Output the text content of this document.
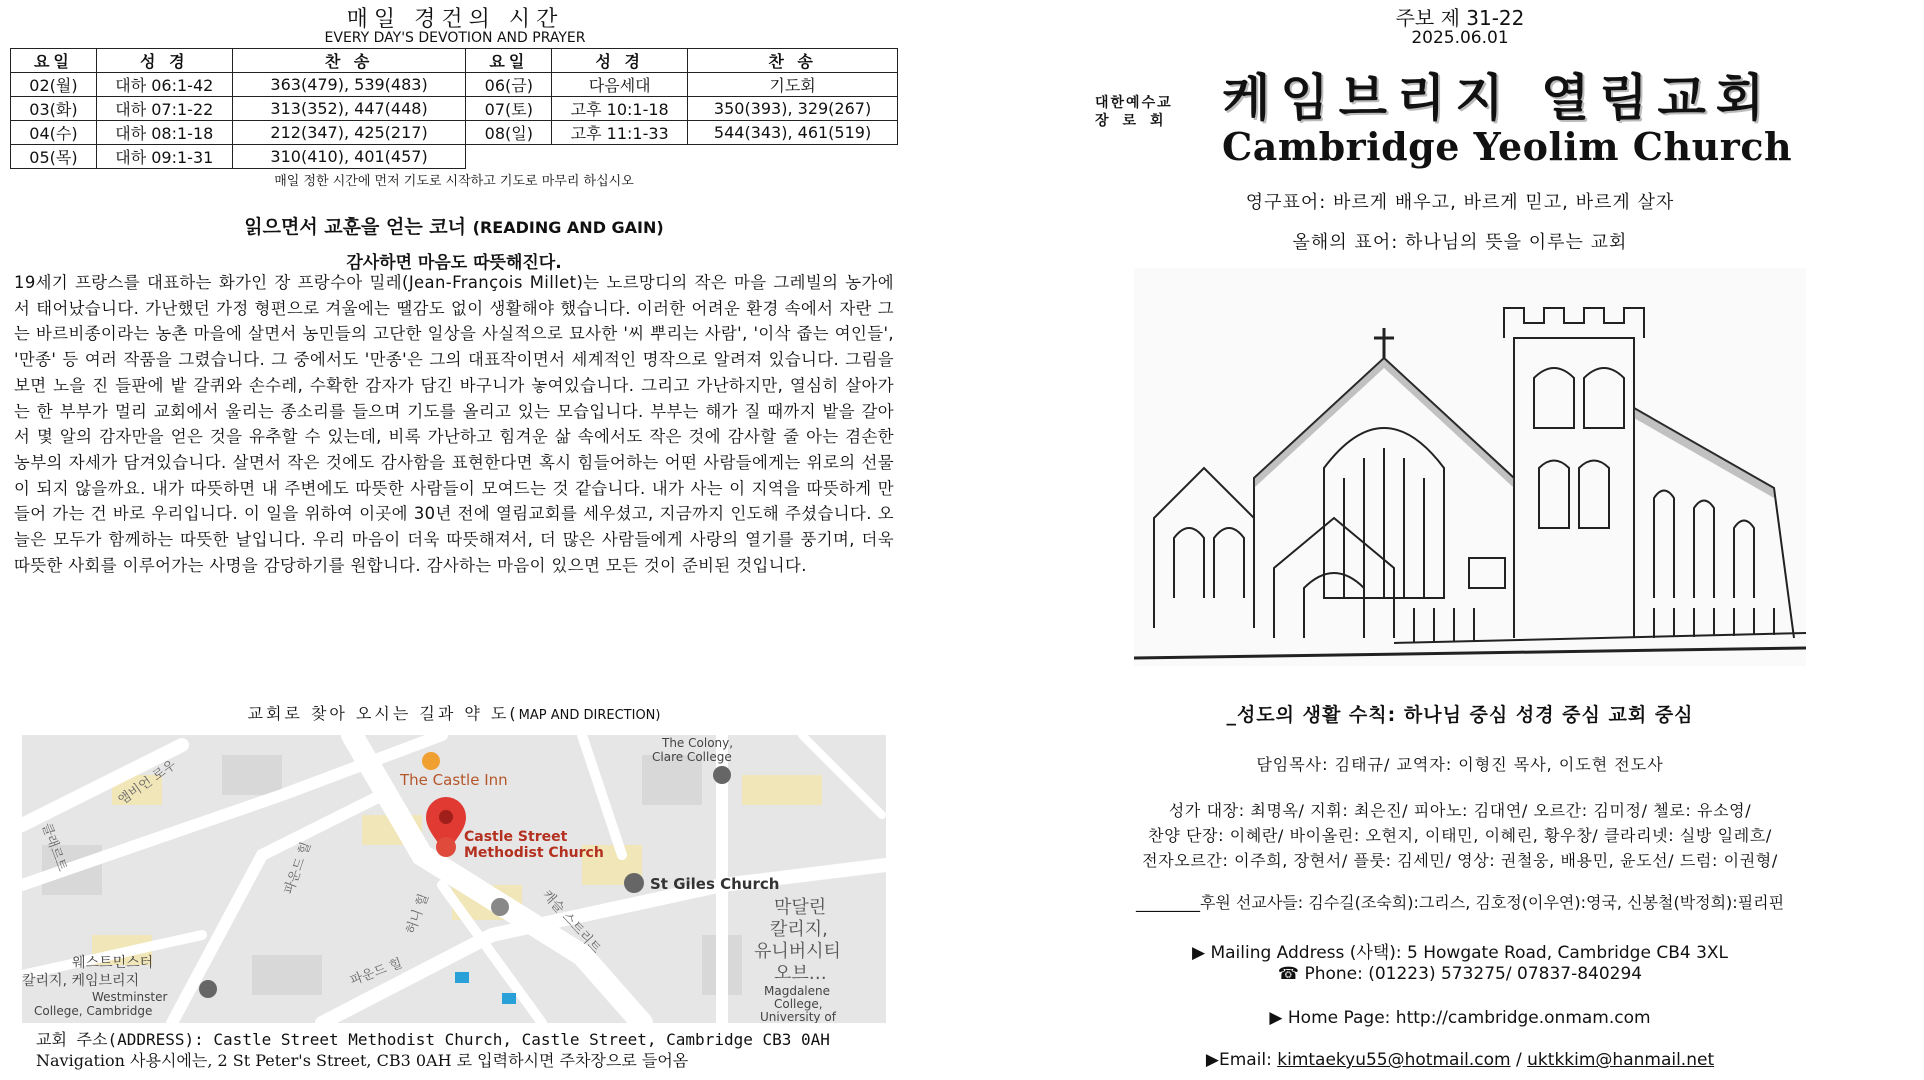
매일 경건의 시간
EVERY DAY'S DEVOTION AND PRAYER
요일	성 경	찬 송	요일	성 경	찬 송
02(월)	대하 06:1-42	363(479), 539(483)	06(금)	다음세대	기도회
03(화)	대하 07:1-22	313(352), 447(448)	07(토)	고후 10:1-18	350(393), 329(267)
04(수)	대하 08:1-18	212(347), 425(217)	08(일)	고후 11:1-33	544(343), 461(519)
05(목)	대하 09:1-31	310(410), 401(457)			
매일 정한 시간에 먼저 기도로 시작하고 기도로 마무리 하십시오
읽으면서 교훈을 얻는 코너 (READING AND GAIN)
감사하면 마음도 따뜻해진다.
19세기 프랑스를 대표하는 화가인 장 프랑수아 밀레(Jean-François Millet)는 노르망디의 작은 마을 그레빌의 농가에서 태어났습니다. 가난했던 가정 형편으로 겨울에는 땔감도 없이 생활해야 했습니다. 이러한 어려운 환경 속에서 자란 그는 바르비종이라는 농촌 마을에 살면서 농민들의 고단한 일상을 사실적으로 묘사한 '씨 뿌리는 사람', '이삭 줍는 여인들', '만종' 등 여러 작품을 그렸습니다. 그 중에서도 '만종'은 그의 대표작이면서 세계적인 명작으로 알려져 있습니다. 그림을 보면 노을 진 들판에 밭 갈퀴와 손수레, 수확한 감자가 담긴 바구니가 놓여있습니다. 그리고 가난하지만, 열심히 살아가는 한 부부가 멀리 교회에서 울리는 종소리를 들으며 기도를 올리고 있는 모습입니다. 부부는 해가 질 때까지 밭을 갈아서 몇 알의 감자만을 얻은 것을 유추할 수 있는데, 비록 가난하고 힘겨운 삶 속에서도 작은 것에 감사할 줄 아는 겸손한 농부의 자세가 담겨있습니다. 살면서 작은 것에도 감사함을 표현한다면 혹시 힘들어하는 어떤 사람들에게는 위로의 선물이 되지 않을까요. 내가 따뜻하면 내 주변에도 따뜻한 사람들이 모여드는 것 같습니다. 내가 사는 이 지역을 따뜻하게 만들어 가는 건 바로 우리입니다. 이 일을 위하여 이곳에 30년 전에 열림교회를 세우셨고, 지금까지 인도해 주셨습니다. 오늘은 모두가 함께하는 따뜻한 날입니다. 우리 마음이 더욱 따뜻해져서, 더 많은 사람들에게 사랑의 열기를 풍기며, 더욱 따뜻한 사회를 이루어가는 사명을 감당하기를 원합니다. 감사하는 마음이 있으면 모든 것이 준비된 것입니다.
교회로 찾아 오시는 길과 약 도(MAP AND DIRECTION)
클래르트
앰비언 로우
파운드 힐
캐슬 스트리트
파운드 힐
허니 힐
The Castle Inn
The Colony,
Clare College
Castle Street
Methodist Church
St Giles Church
막달린
칼리지,
유니버시티
오브…
Magdalene
College,
University of
웨스트민스터
칼리지, 케임브리지
Westminster
College, Cambridge
교회 주소(ADDRESS): Castle Street Methodist Church, Castle Street, Cambridge CB3 0AH
Navigation 사용시에는, 2 St Peter's Street, CB3 0AH 로 입력하시면 주차장으로 들어옴
주보 제 31-22
2025.06.01
대한예수교
장로회 케임브리지 열림교회
Cambridge Yeolim Church
영구표어: 바르게 배우고, 바르게 믿고, 바르게 살자
올해의 표어: 하나님의 뜻을 이루는 교회
_성도의 생활 수칙: 하나님 중심 성경 중심 교회 중심
담임목사: 김태규/ 교역자: 이형진 목사, 이도현 전도사
성가 대장: 최명옥/ 지휘: 최은진/ 피아노: 김대연/ 오르간: 김미정/ 첼로: 유소영/
찬양 단장: 이혜란/ 바이올린: 오현지, 이태민, 이혜린, 황우창/ 클라리넷: 실방 일레흐/
전자오르간: 이주희, 장현서/ 플룻: 김세민/ 영상: 권철웅, 배용민, 윤도선/ 드럼: 이권형/
________후원 선교사들: 김수길(조숙희):그리스, 김호정(이우연):영국, 신봉철(박정희):필리핀
▶ Mailing Address (사택): 5 Howgate Road, Cambridge CB4 3XL
☎ Phone: (01223) 573275/ 07837-840294
▶ Home Page: http://cambridge.onmam.com
▶Email: kimtaekyu55@hotmail.com / uktkkim@hanmail.net
